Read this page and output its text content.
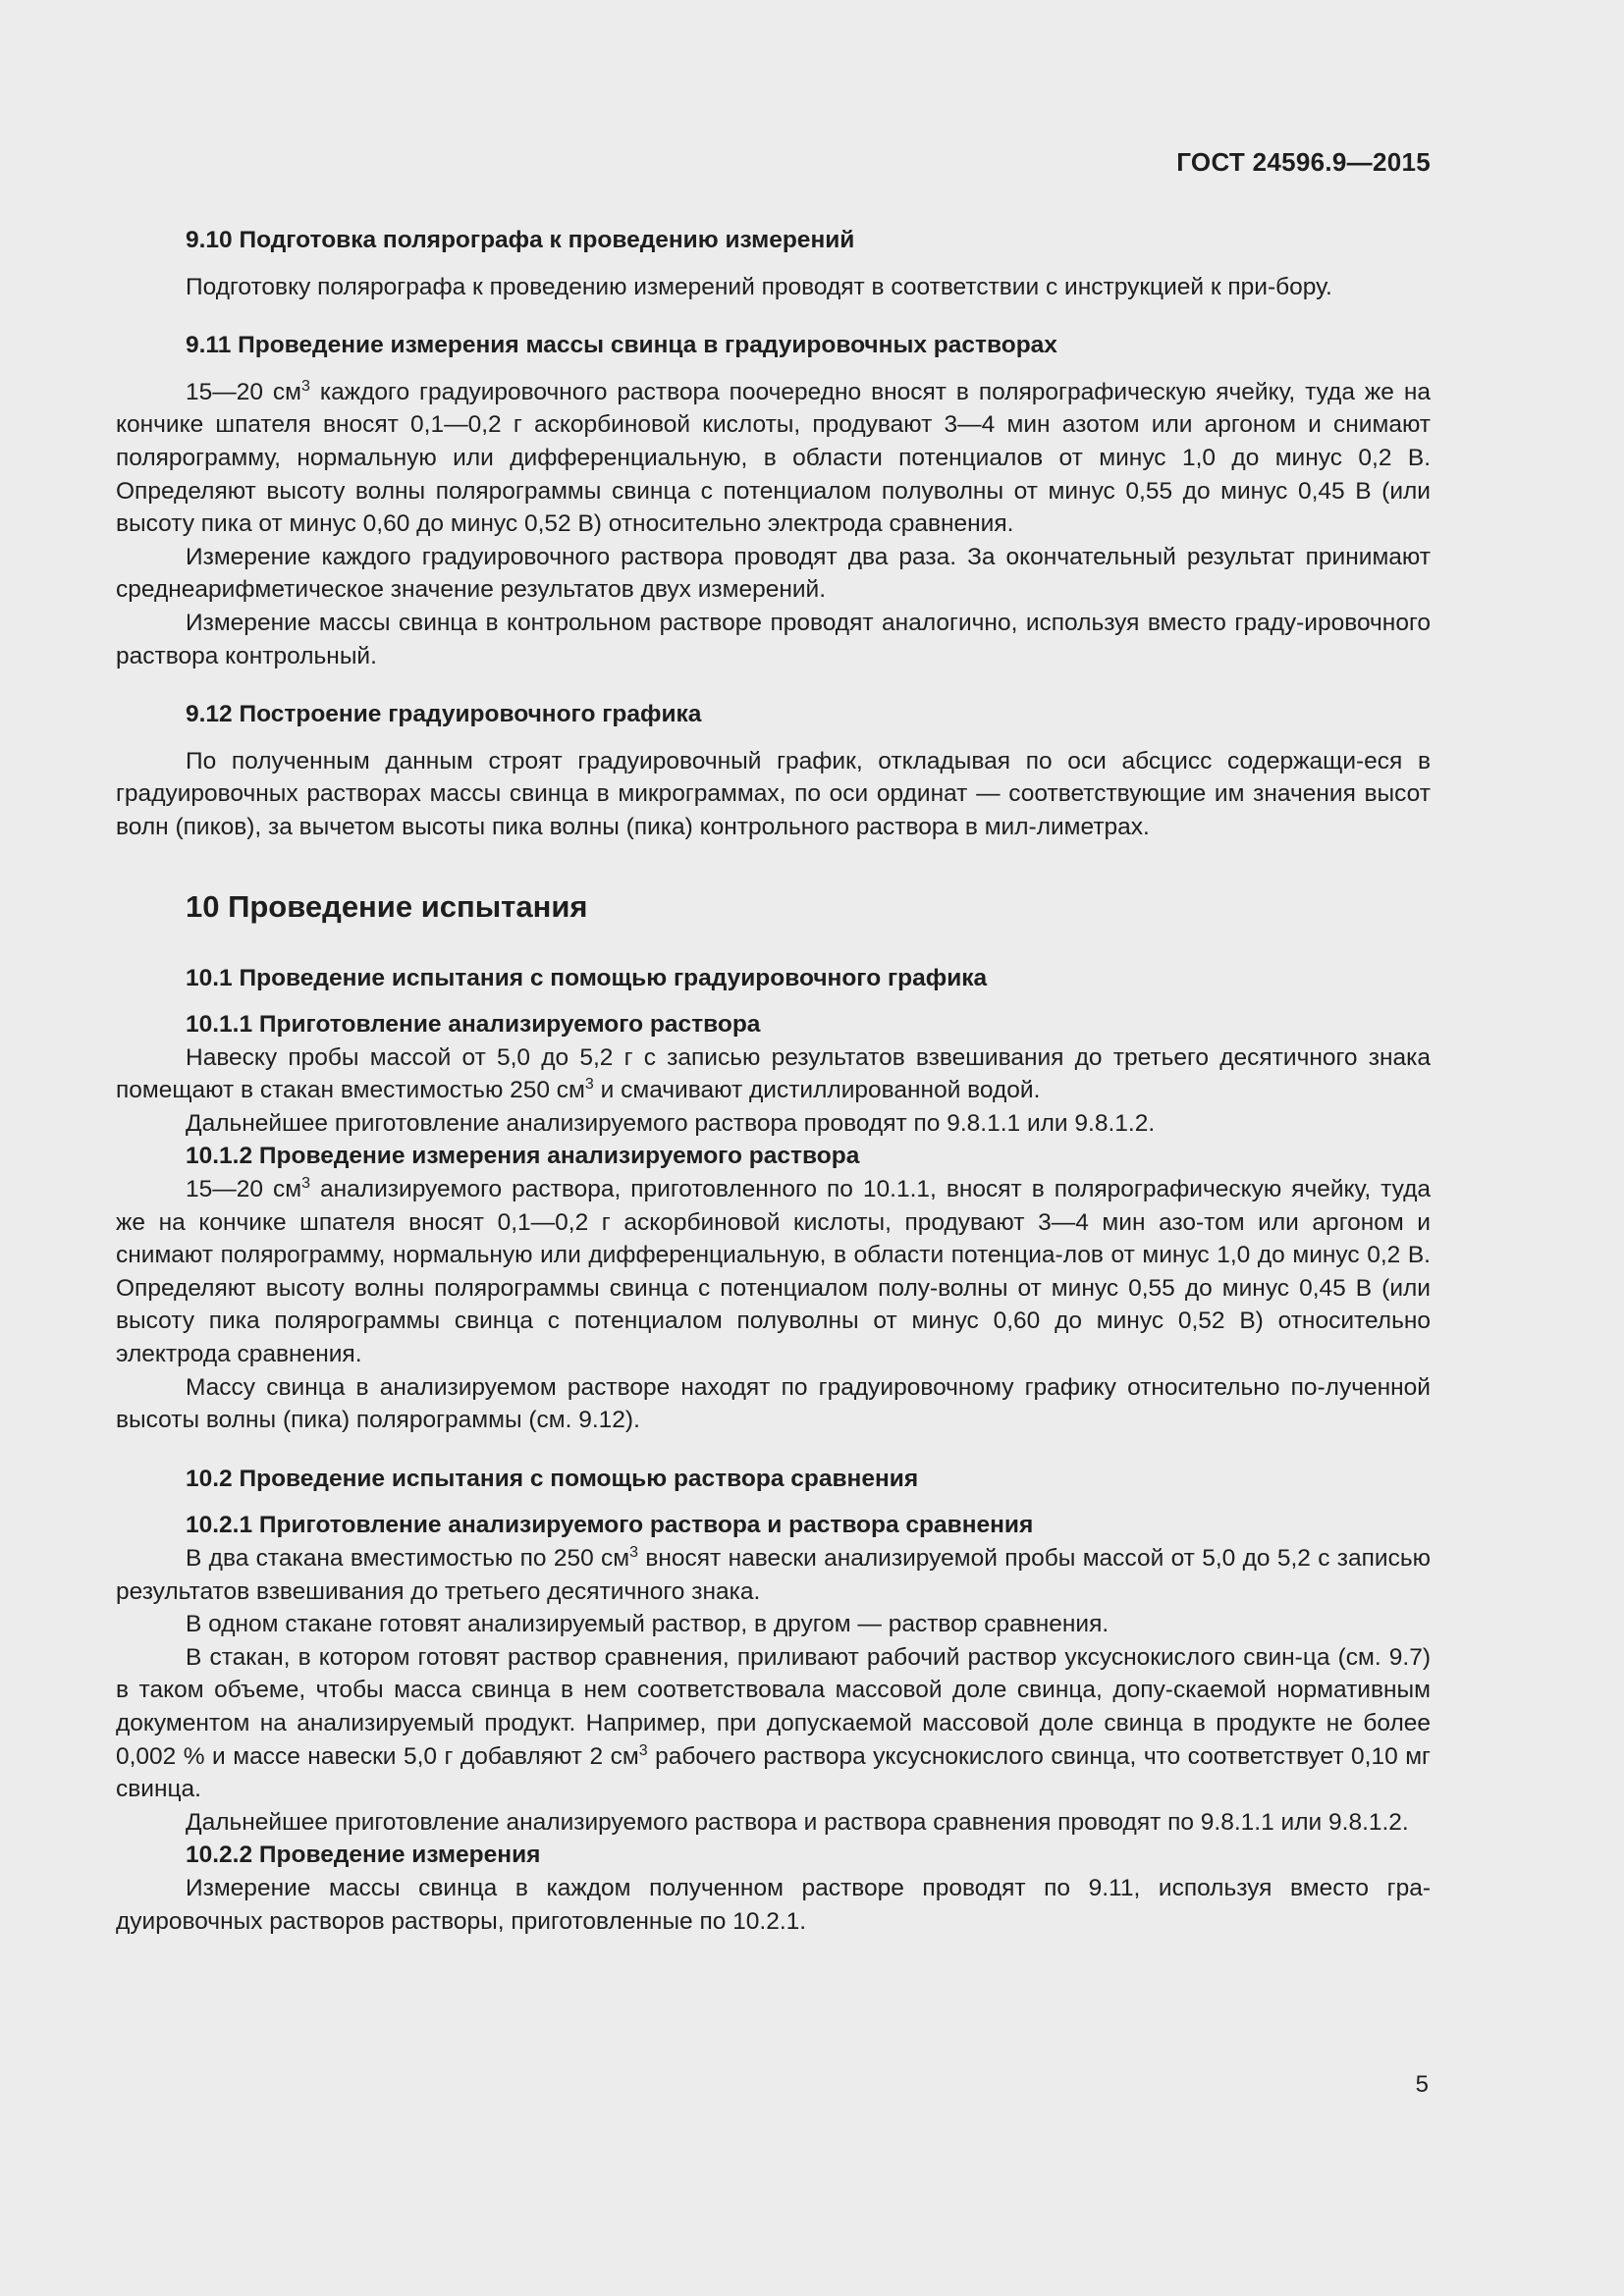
ГОСТ 24596.9—2015

9.10 Подготовка полярографа к проведению измерений

Подготовку полярографа к проведению измерений проводят в соответствии с инструкцией к при-бору.

9.11 Проведение измерения массы свинца в градуировочных растворах

15—20 $см^3$ каждого градуировочного раствора поочередно вносят в полярографическую ячейку, туда же на кончике шпателя вносят 0,1—0,2 г аскорбиновой кислоты, продувают 3—4 мин азотом или аргоном и снимают полярограмму, нормальную или дифференциальную, в области потенциалов от минус 1,0 до минус 0,2 В. Определяют высоту волны полярограммы свинца с потенциалом полуволны от минус 0,55 до минус 0,45 В (или высоту пика от минус 0,60 до минус 0,52 В) относительно электрода сравнения.

Измерение каждого градуировочного раствора проводят два раза. За окончательный результат принимают среднеарифметическое значение результатов двух измерений.

Измерение массы свинца в контрольном растворе проводят аналогично, используя вместо граду-ировочного раствора контрольный.

9.12 Построение градуировочного графика

По полученным данным строят градуировочный график, откладывая по оси абсцисс содержащи-еся в градуировочных растворах массы свинца в микрограммах, по оси ординат — соответствующие им значения высот волн (пиков), за вычетом высоты пика волны (пика) контрольного раствора в мил-лиметрах.

10 Проведение испытания

10.1 Проведение испытания с помощью градуировочного графика

10.1.1 Приготовление анализируемого раствора

Навеску пробы массой от 5,0 до 5,2 г с записью результатов взвешивания до третьего десятичного знака помещают в стакан вместимостью 250 $см^3$ и смачивают дистиллированной водой.

Дальнейшее приготовление анализируемого раствора проводят по 9.8.1.1 или 9.8.1.2.

10.1.2 Проведение измерения анализируемого раствора

15—20 $см^3$ анализируемого раствора, приготовленного по 10.1.1, вносят в полярографическую ячейку, туда же на кончике шпателя вносят 0,1—0,2 г аскорбиновой кислоты, продувают 3—4 мин азо-том или аргоном и снимают полярограмму, нормальную или дифференциальную, в области потенциа-лов от минус 1,0 до минус 0,2 В. Определяют высоту волны полярограммы свинца с потенциалом полу-волны от минус 0,55 до минус 0,45 В (или высоту пика полярограммы свинца с потенциалом полуволны от минус 0,60 до минус 0,52 В) относительно электрода сравнения.

Массу свинца в анализируемом растворе находят по градуировочному графику относительно по-лученной высоты волны (пика) полярограммы (см. 9.12).

10.2 Проведение испытания с помощью раствора сравнения

10.2.1 Приготовление анализируемого раствора и раствора сравнения

В два стакана вместимостью по 250 $см^3$ вносят навески анализируемой пробы массой от 5,0 до 5,2 с записью результатов взвешивания до третьего десятичного знака.

В одном стакане готовят анализируемый раствор, в другом — раствор сравнения.

В стакан, в котором готовят раствор сравнения, приливают рабочий раствор уксуснокислого свин-ца (см. 9.7) в таком объеме, чтобы масса свинца в нем соответствовала массовой доле свинца, допу-скаемой нормативным документом на анализируемый продукт. Например, при допускаемой массовой доле свинца в продукте не более 0,002 % и массе навески 5,0 г добавляют 2 $см^3$ рабочего раствора уксуснокислого свинца, что соответствует 0,10 мг свинца.

Дальнейшее приготовление анализируемого раствора и раствора сравнения проводят по 9.8.1.1 или 9.8.1.2.

10.2.2 Проведение измерения

Измерение массы свинца в каждом полученном растворе проводят по 9.11, используя вместо гра-дуировочных растворов растворы, приготовленные по 10.2.1.

5
